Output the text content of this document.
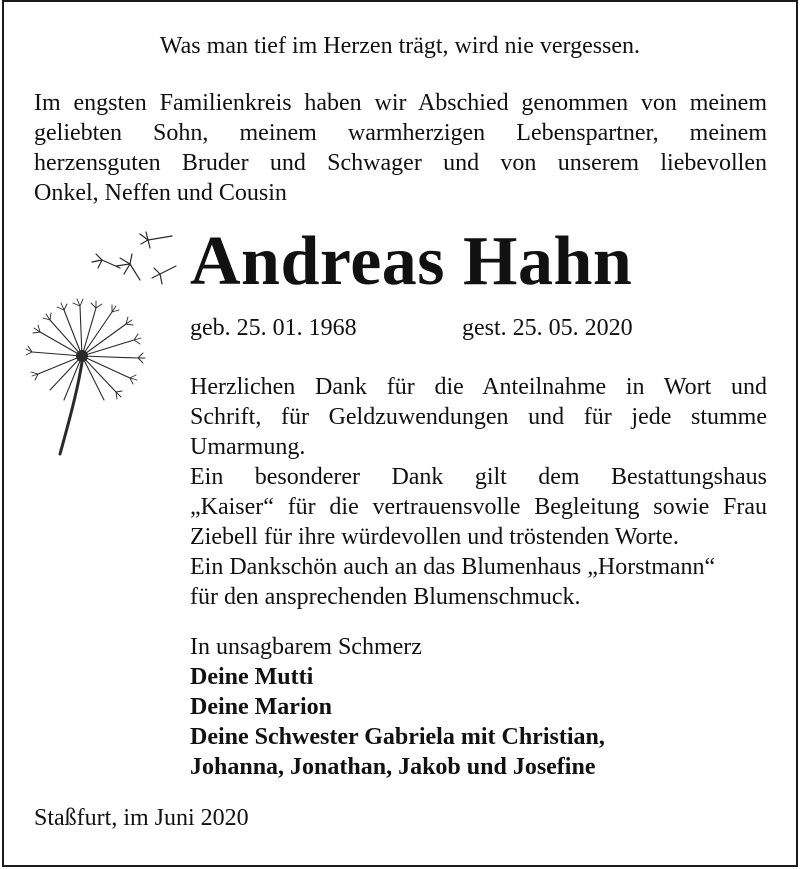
Was man tief im Herzen trägt, wird nie vergessen.
Im engsten Familienkreis haben wir Abschied genommen von meinem
geliebten Sohn, meinem warmherzigen Lebenspartner, meinem
herzensguten Bruder und Schwager und von unserem liebevollen
Onkel, Neffen und Cousin
Andreas Hahn
geb. 25. 01. 1968	gest. 25. 05. 2020
Herzlichen Dank für die Anteilnahme in Wort und
Schrift, für Geldzuwendungen und für jede stumme
Umarmung.
Ein besonderer Dank gilt dem Bestattungshaus
„Kaiser“ für die vertrauensvolle Begleitung sowie Frau
Ziebell für ihre würdevollen und tröstenden Worte.
Ein Dankschön auch an das Blumenhaus „Horstmann“
für den ansprechenden Blumenschmuck.
In unsagbarem Schmerz
Deine Mutti
Deine Marion
Deine Schwester Gabriela mit Christian,
Johanna, Jonathan, Jakob und Josefine
Staßfurt, im Juni 2020
